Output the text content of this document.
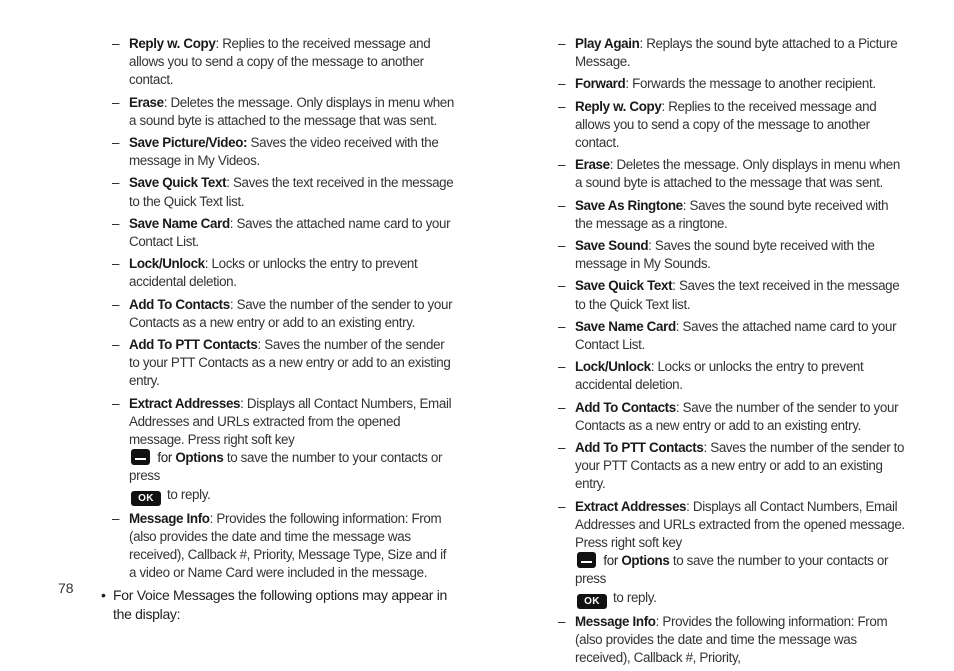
– Reply w. Copy: Replies to the received message and allows you to send a copy of the message to another contact.
– Erase: Deletes the message. Only displays in menu when a sound byte is attached to the message that was sent.
– Save Picture/Video: Saves the video received with the message in My Videos.
– Save Quick Text: Saves the text received in the message to the Quick Text list.
– Save Name Card: Saves the attached name card to your Contact List.
– Lock/Unlock: Locks or unlocks the entry to prevent accidental deletion.
– Add To Contacts: Save the number of the sender to your Contacts as a new entry or add to an existing entry.
– Add To PTT Contacts: Saves the number of the sender to your PTT Contacts as a new entry or add to an existing entry.
– Extract Addresses: Displays all Contact Numbers, Email Addresses and URLs extracted from the opened message. Press right soft key
for Options to save the number to your contacts or press
OK to reply.
– Message Info: Provides the following information: From (also provides the date and time the message was received), Callback #, Priority, Message Type, Size and if a video or Name Card were included in the message.
• For Voice Messages the following options may appear in the display:
– Play Again: Replays the sound byte attached to a Picture Message.
– Forward: Forwards the message to another recipient.
– Reply w. Copy: Replies to the received message and allows you to send a copy of the message to another contact.
– Erase: Deletes the message. Only displays in menu when a sound byte is attached to the message that was sent.
– Save As Ringtone: Saves the sound byte received with the message as a ringtone.
– Save Sound: Saves the sound byte received with the message in My Sounds.
– Save Quick Text: Saves the text received in the message to the Quick Text list.
– Save Name Card: Saves the attached name card to your Contact List.
– Lock/Unlock: Locks or unlocks the entry to prevent accidental deletion.
– Add To Contacts: Save the number of the sender to your Contacts as a new entry or add to an existing entry.
– Add To PTT Contacts: Saves the number of the sender to your PTT Contacts as a new entry or add to an existing entry.
– Extract Addresses: Displays all Contact Numbers, Email Addresses and URLs extracted from the opened message. Press right soft key
for Options to save the number to your contacts or press
OK to reply.
– Message Info: Provides the following information: From (also provides the date and time the message was received), Callback #, Priority,
78
